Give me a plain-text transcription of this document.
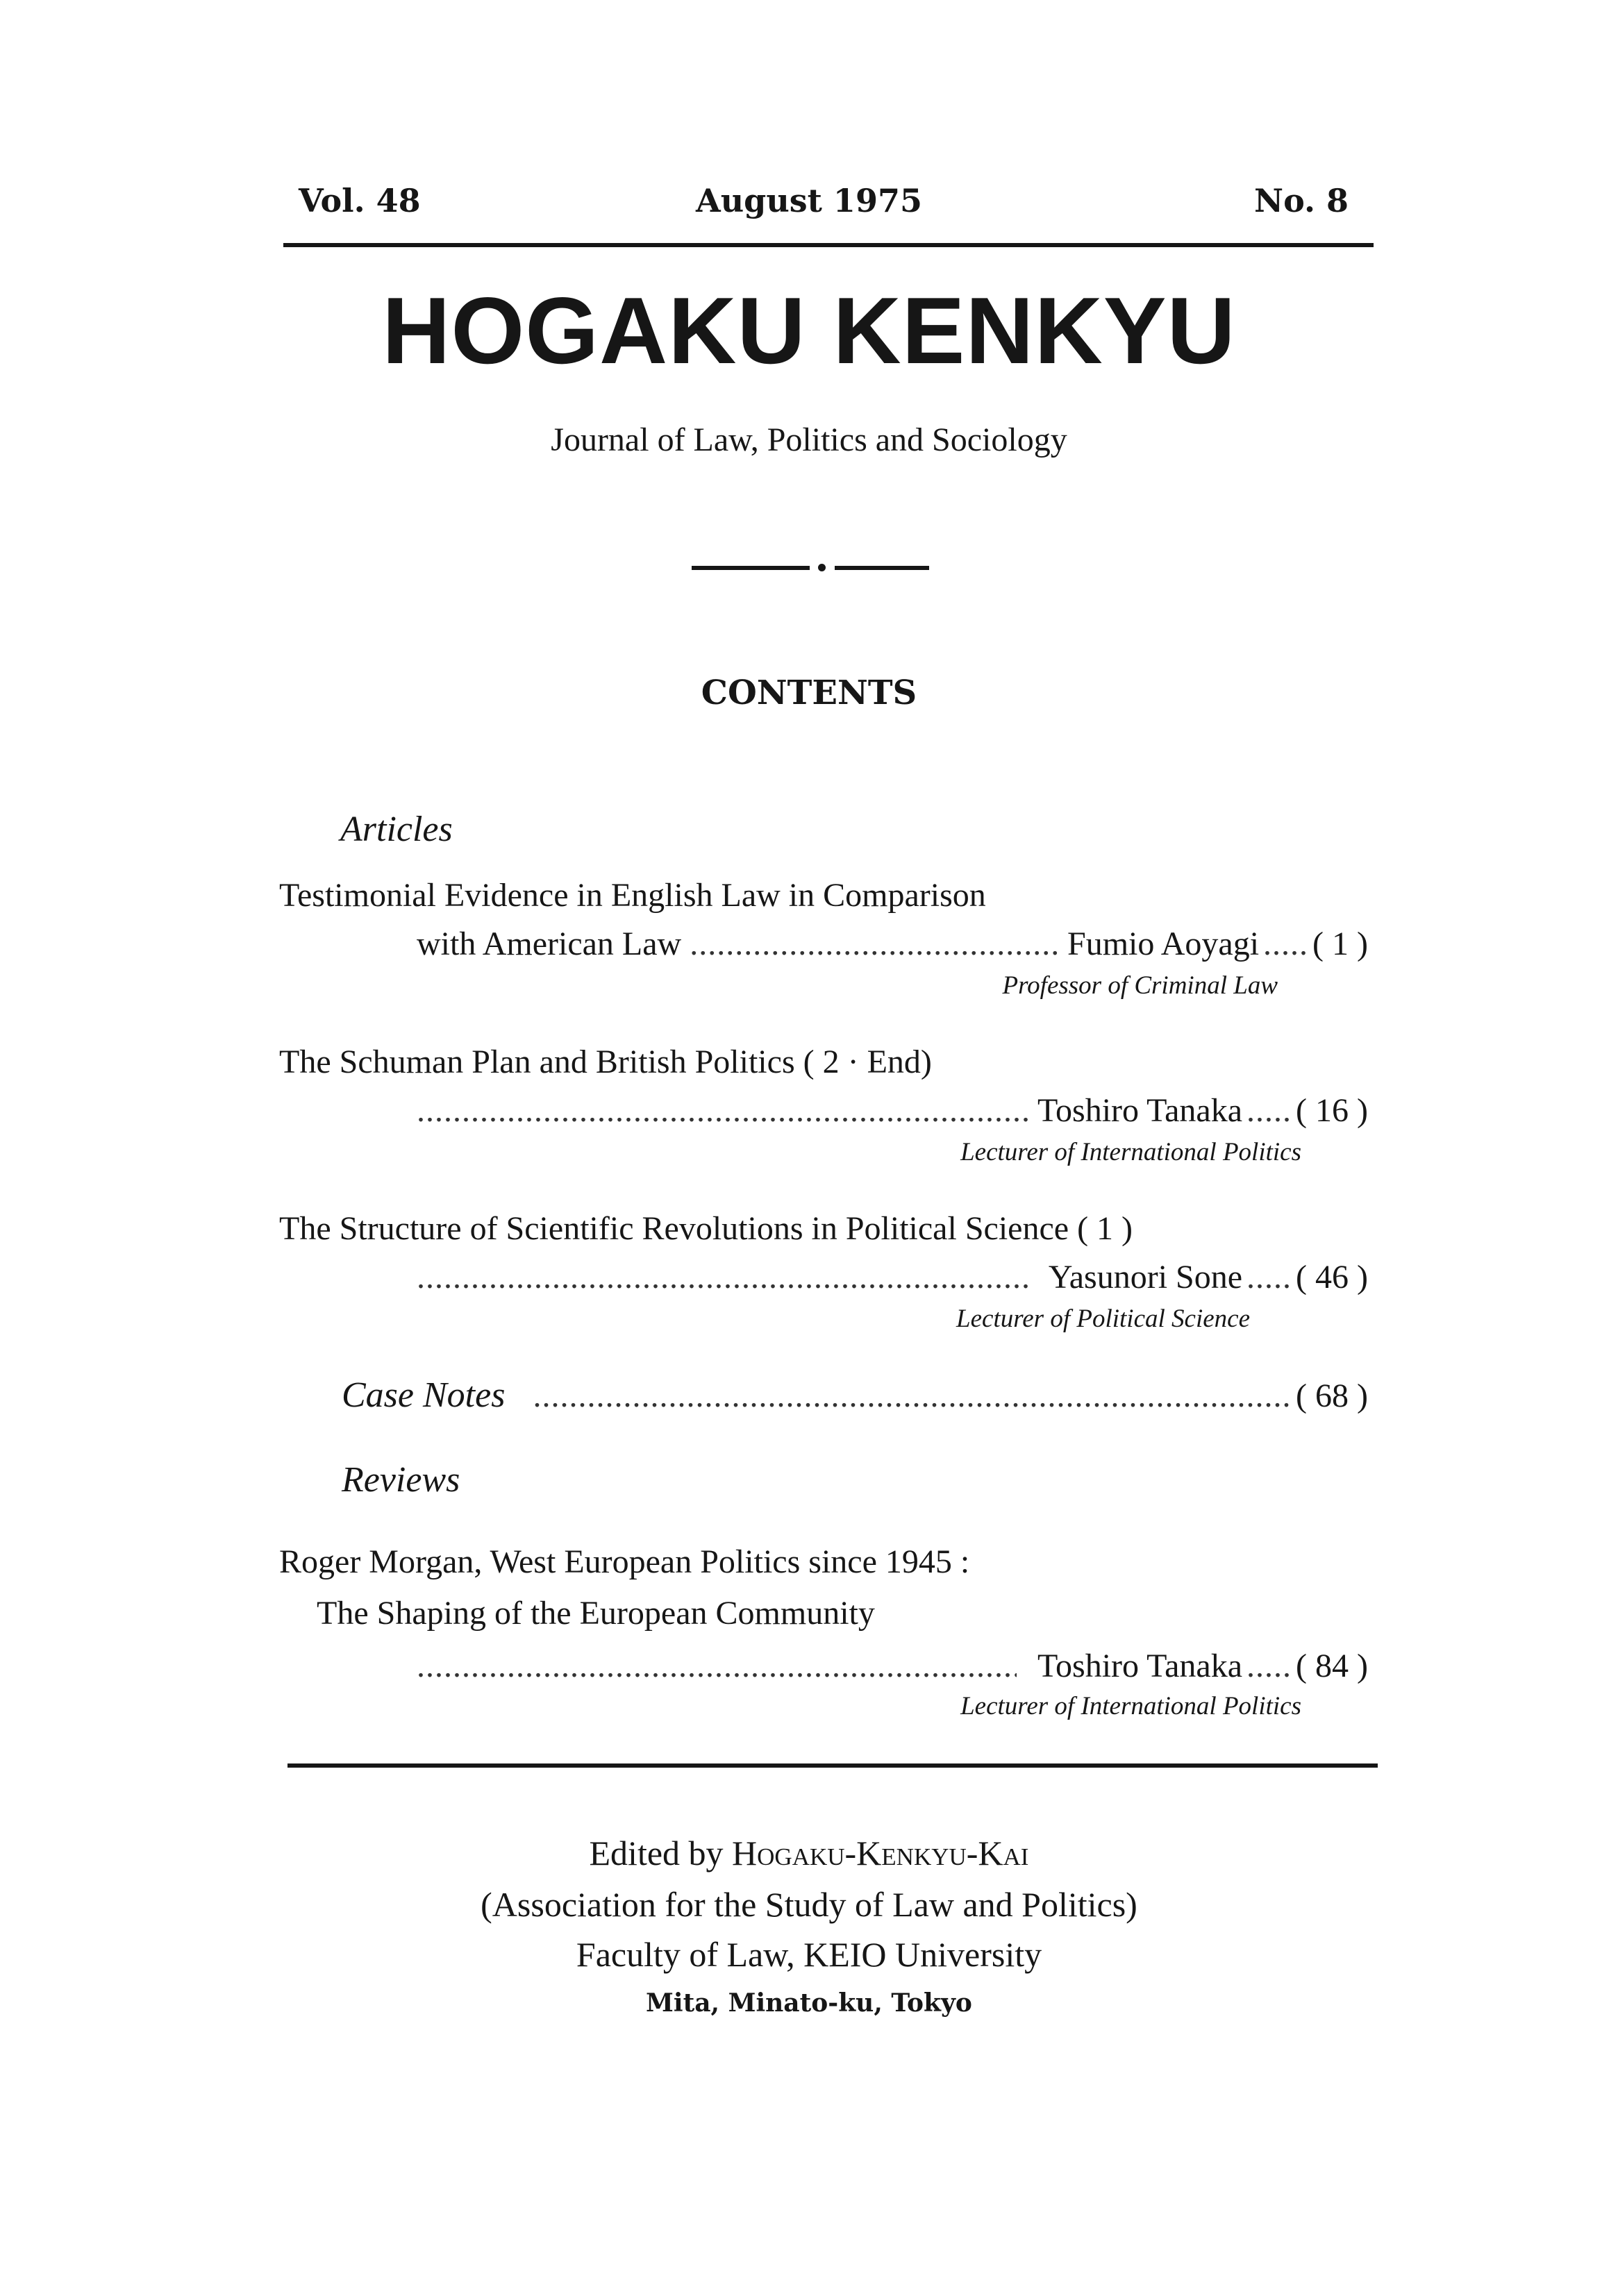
Vol. 48	August 1975	No. 8
HOGAKU KENKYU
Journal of Law, Politics and Sociology
CONTENTS
Articles
Testimonial Evidence in English Law in Comparison
with American Law .....	Fumio Aoyagi ..... ( 1 )
Professor of Criminal Law
The Schuman Plan and British Politics ( 2 · End)
.....
Toshiro Tanaka ..... ( 16 )
Lecturer of International Politics
The Structure of Scientific Revolutions in Political Science ( 1 )
.....
Yasunori Sone ..... ( 46 )
Lecturer of Political Science
Case Notes .....	( 68 )
Reviews
Roger Morgan, West European Politics since 1945 :
The Shaping of the European Community
.....
Toshiro Tanaka ..... ( 84 )
Lecturer of International Politics
Edited by Hogaku-Kenkyu-Kai
(Association for the Study of Law and Politics)
Faculty of Law, KEIO University
Mita, Minato-ku, Tokyo
